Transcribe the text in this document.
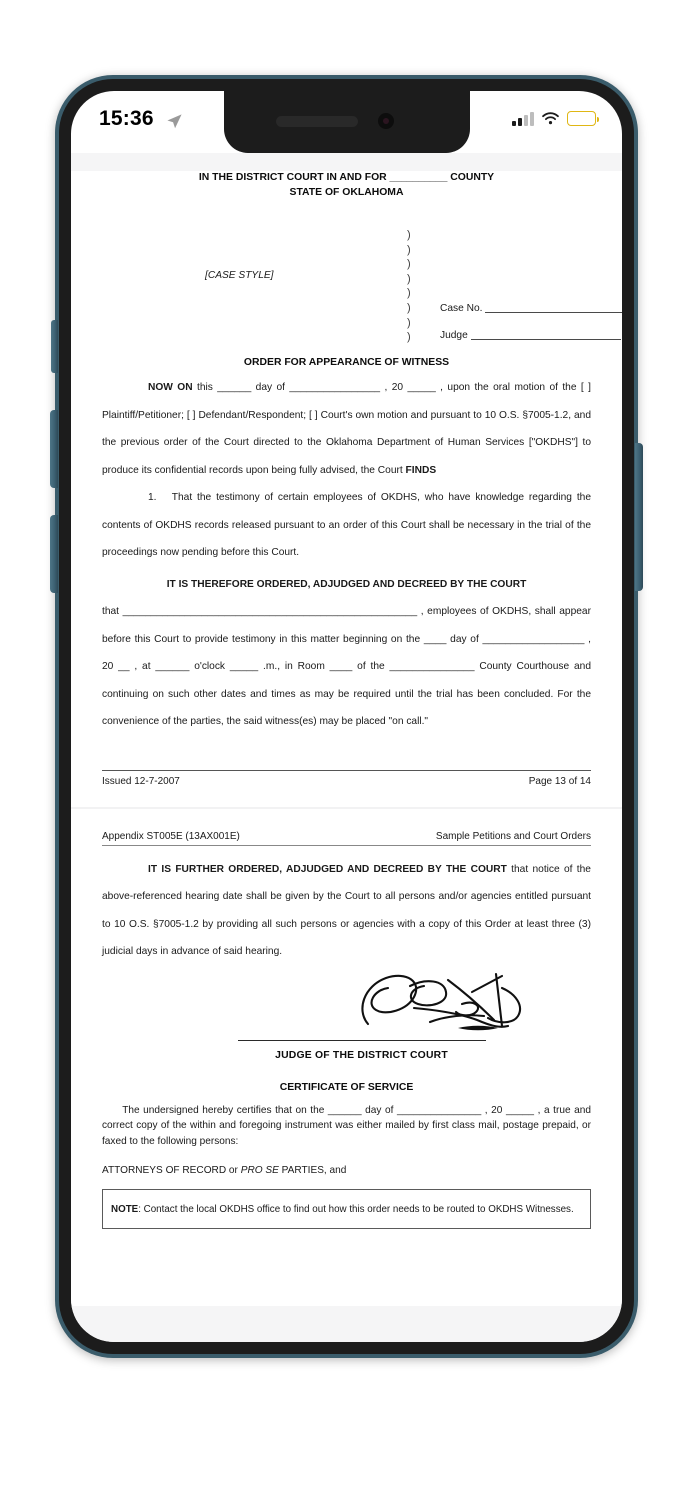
15:36
IN THE DISTRICT COURT IN AND FOR __________ COUNTY
STATE OF OKLAHOMA
[CASE STYLE]
)
)
)
)
)
)
)
)
Case No.
Judge
ORDER FOR APPEARANCE OF WITNESS

NOW ON this ______ day of ________________ , 20 _____ , upon the oral motion of the [ ] Plaintiff/Petitioner; [ ] Defendant/Respondent; [ ] Court's own motion and pursuant to 10 O.S. §7005-1.2, and the previous order of the Court directed to the Oklahoma Department of Human Services ["OKDHS"] to produce its confidential records upon being fully advised, the Court FINDS

1.  That the testimony of certain employees of OKDHS, who have knowledge regarding the contents of OKDHS records released pursuant to an order of this Court shall be necessary in the trial of the proceedings now pending before this Court.

IT IS THEREFORE ORDERED, ADJUDGED AND DECREED BY THE COURT

that ____________________________________________________ , employees of OKDHS, shall appear before this Court to provide testimony in this matter beginning on the ____ day of __________________ , 20 __ , at ______ o'clock _____ .m., in Room ____ of the _______________ County Courthouse and continuing on such other dates and times as may be required until the trial has been concluded. For the convenience of the parties, the said witness(es) may be placed "on call."

Issued 12-7-2007	Page 13 of 14
Appendix ST005E (13AX001E)	Sample Petitions and Court Orders

IT IS FURTHER ORDERED, ADJUDGED AND DECREED BY THE COURT that notice of the above-referenced hearing date shall be given by the Court to all persons and/or agencies entitled pursuant to 10 O.S. §7005-1.2 by providing all such persons or agencies with a copy of this Order at least three (3) judicial days in advance of said hearing.

JUDGE OF THE DISTRICT COURT
CERTIFICATE OF SERVICE

  The undersigned hereby certifies that on the ______ day of _______________ , 20 _____ , a true and correct copy of the within and foregoing instrument was either mailed by first class mail, postage prepaid, or faxed to the following persons:

ATTORNEYS OF RECORD or PRO SE PARTIES, and

NOTE: Contact the local OKDHS office to find out how this order needs to be routed to OKDHS Witnesses.
